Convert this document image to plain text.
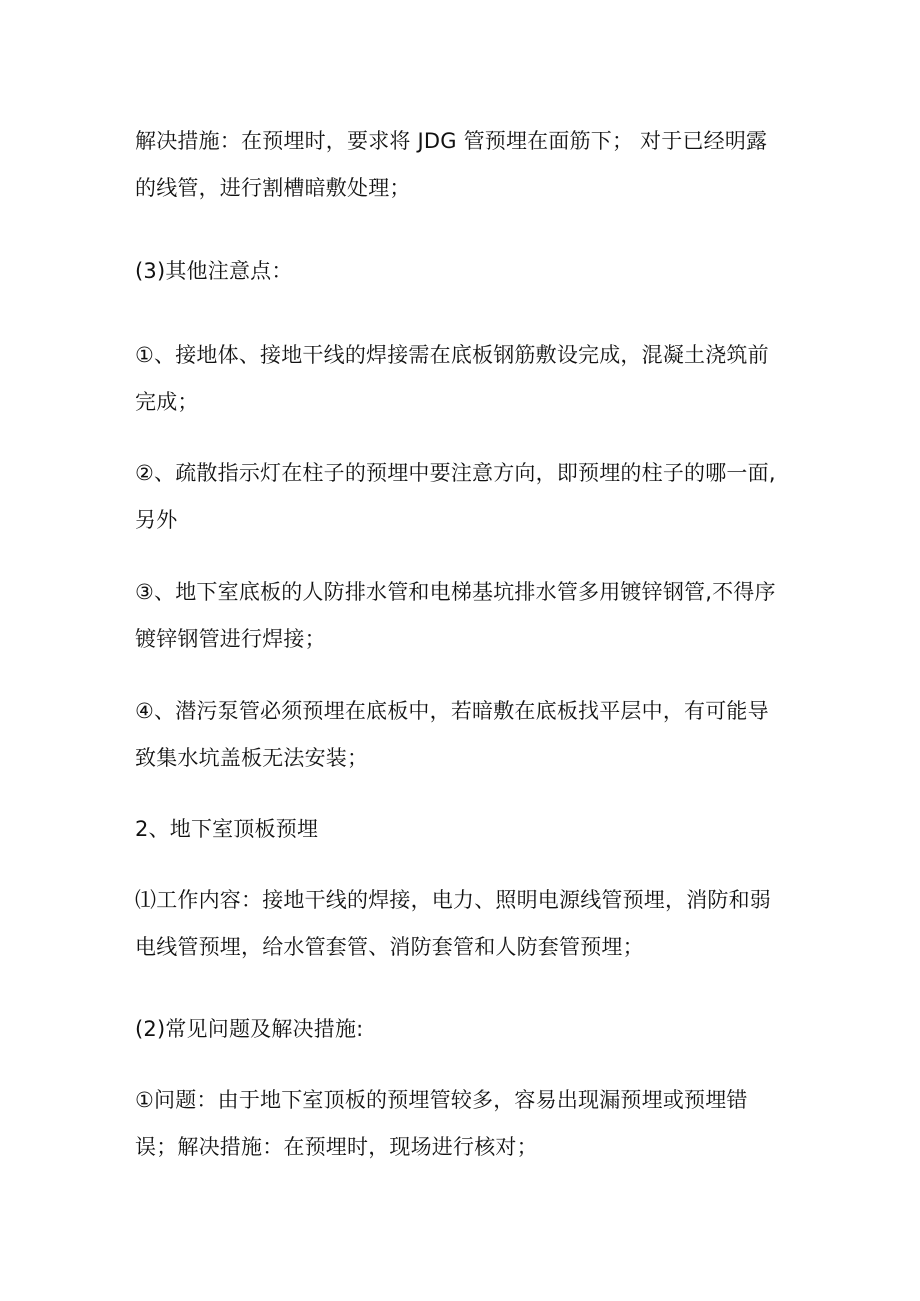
解决措施：在预埋时，要求将 JDG 管预埋在面筋下； 对于已经明露
的线管，进行割槽暗敷处理；
(3)其他注意点：
①、接地体、接地干线的焊接需在底板钢筋敷设完成，混凝土浇筑前
完成；
②、疏散指示灯在柱子的预埋中要注意方向，即预埋的柱子的哪一面,
另外
③、地下室底板的人防排水管和电梯基坑排水管多用镀锌钢管,不得序
镀锌钢管进行焊接；
④、潜污泵管必须预埋在底板中，若暗敷在底板找平层中，有可能导
致集水坑盖板无法安装；
2、地下室顶板预埋
⑴工作内容：接地干线的焊接，电力、照明电源线管预埋，消防和弱
电线管预埋，给水管套管、消防套管和人防套管预埋；
(2)常见问题及解决措施:
①问题：由于地下室顶板的预埋管较多，容易出现漏预埋或预埋错
误；解决措施：在预埋时，现场进行核对；
